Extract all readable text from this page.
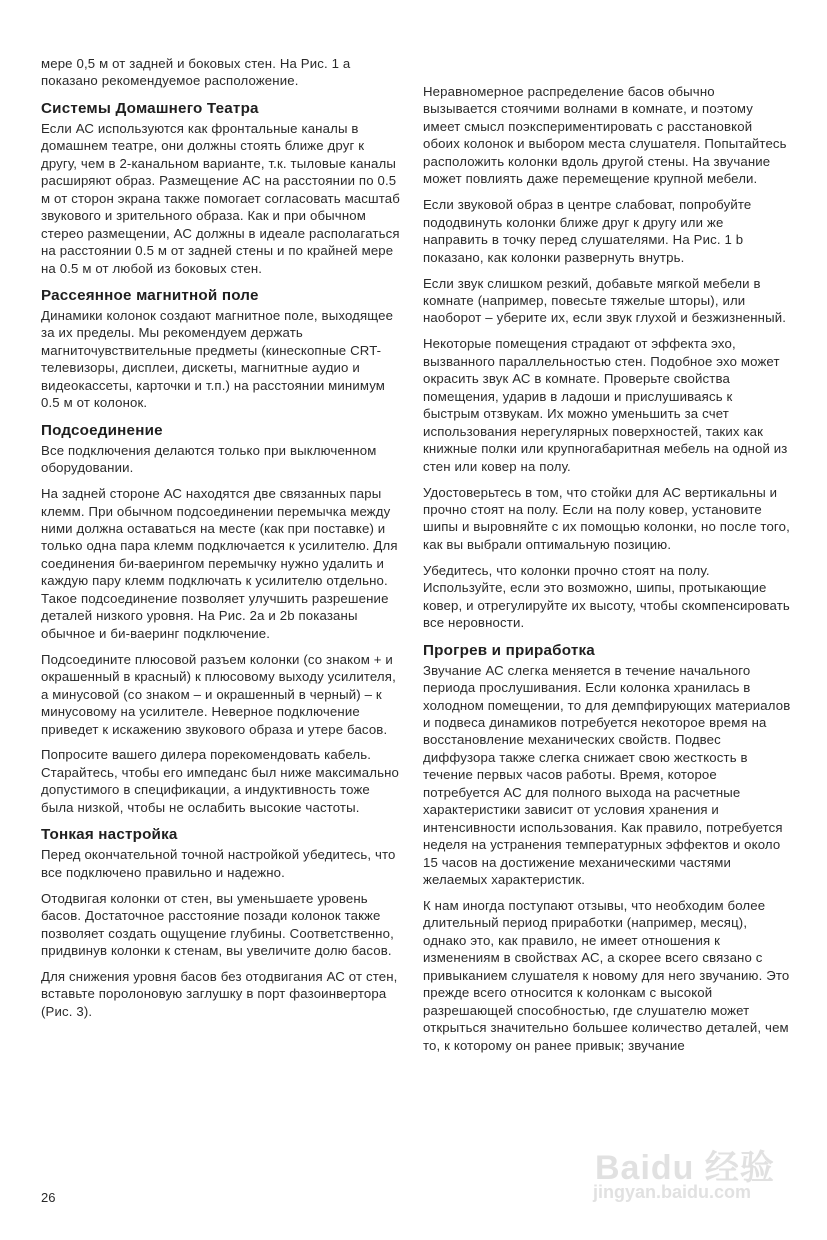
мере 0,5 м от задней и боковых стен. На Рис. 1 а показано рекомендуемое расположение.

Системы Домашнего Театра

Если АС используются как фронтальные каналы в домашнем театре, они должны стоять ближе друг к другу, чем в 2-канальном варианте, т.к. тыловые каналы расширяют образ. Размещение АС на расстоянии по 0.5 м от сторон экрана также помогает согласовать масштаб звукового и зрительного образа. Как и при обычном стерео размещении, АС должны в идеале располагаться на расстоянии 0.5 м от задней стены и по крайней мере на 0.5 м от любой из боковых стен.

Рассеянное магнитной поле

Динамики колонок создают магнитное поле, выходящее за их пределы. Мы рекомендуем держать магниточувствительные предметы (кинескопные CRT-телевизоры, дисплеи, дискеты, магнитные аудио и видеокассеты, карточки и т.п.) на расстоянии минимум 0.5 м от колонок.

Подсоединение

Все подключения делаются только при выключенном оборудовании.

На задней стороне АС находятся две связанных пары клемм. При обычном подсоединении перемычка между ними должна оставаться на месте (как при поставке) и только одна пара клемм подключается к усилителю. Для соединения би-ваерингом перемычку нужно удалить и каждую пару клемм подключать к усилителю отдельно. Такое подсоединение позволяет улучшить разрешение деталей низкого уровня. На Рис. 2а и 2b показаны обычное и би-ваеринг подключение.

Подсоедините плюсовой разъем колонки (со знаком + и окрашенный в красный) к плюсовому выходу усилителя, а минусовой (со знаком – и окрашенный в черный) – к минусовому на усилителе. Неверное подключение приведет к искажению звукового образа и утере басов.

Попросите вашего дилера порекомендовать кабель. Старайтесь, чтобы его импеданс был ниже максимально допустимого в спецификации, а индуктивность тоже была низкой, чтобы не ослабить высокие частоты.

Тонкая настройка

Перед окончательной точной настройкой убедитесь, что все подключено правильно и надежно.

Отодвигая колонки от стен, вы уменьшаете уровень басов. Достаточное расстояние позади колонок также позволяет создать ощущение глубины. Соответственно, придвинув колонки к стенам, вы увеличите долю басов.

Для снижения уровня басов без отодвигания АС от стен, вставьте поролоновую заглушку в порт фазоинвертора (Рис. 3).

Неравномерное распределение басов обычно вызывается стоячими волнами в комнате, и поэтому имеет смысл поэкспериментировать с расстановкой обоих колонок и выбором места слушателя. Попытайтесь расположить колонки вдоль другой стены. На звучание может повлиять даже перемещение крупной мебели.

Если звуковой образ в центре слабоват, попробуйте пододвинуть колонки ближе друг к другу или же направить в точку перед слушателями. На Рис. 1 b показано, как колонки развернуть внутрь.

Если звук слишком резкий, добавьте мягкой мебели в комнате (например, повесьте тяжелые шторы), или наоборот – уберите их, если звук глухой и безжизненный.

Некоторые помещения страдают от эффекта эхо, вызванного параллельностью стен. Подобное эхо может окрасить звук АС в комнате. Проверьте свойства помещения, ударив в ладоши и прислушиваясь к быстрым отзвукам. Их можно уменьшить за счет использования нерегулярных поверхностей, таких как книжные полки или крупногабаритная мебель на одной из стен или ковер на полу.

Удостоверьтесь в том, что стойки для АС вертикальны и прочно стоят на полу. Если на полу ковер, установите шипы и выровняйте с их помощью колонки, но после того, как вы выбрали оптимальную позицию.

Убедитесь, что колонки прочно стоят на полу. Используйте, если это возможно, шипы, протыкающие ковер, и отрегулируйте их высоту, чтобы скомпенсировать все неровности.

Прогрев и приработка

Звучание АС слегка меняется в течение начального периода прослушивания. Если колонка хранилась в холодном помещении, то для демпфирующих материалов и подвеса динамиков потребуется некоторое время на восстановление механических свойств. Подвес диффузора также слегка снижает свою жесткость в течение первых часов работы. Время, которое потребуется АС для полного выхода на расчетные характеристики зависит от условия хранения и интенсивности использования. Как правило, потребуется неделя на устранения температурных эффектов и около 15 часов на достижение механическими частями желаемых характеристик.

К нам иногда поступают отзывы, что необходим более длительный период приработки (например, месяц), однако это, как правило, не имеет отношения к изменениям в свойствах АС, а скорее всего связано с привыканием слушателя к новому для него звучанию. Это прежде всего относится к колонкам с высокой разрешающей способностью, где слушателю может открыться значительно большее количество деталей, чем то, к которому он ранее привык; звучание

26
Baidu 经验
jingyan.baidu.com
